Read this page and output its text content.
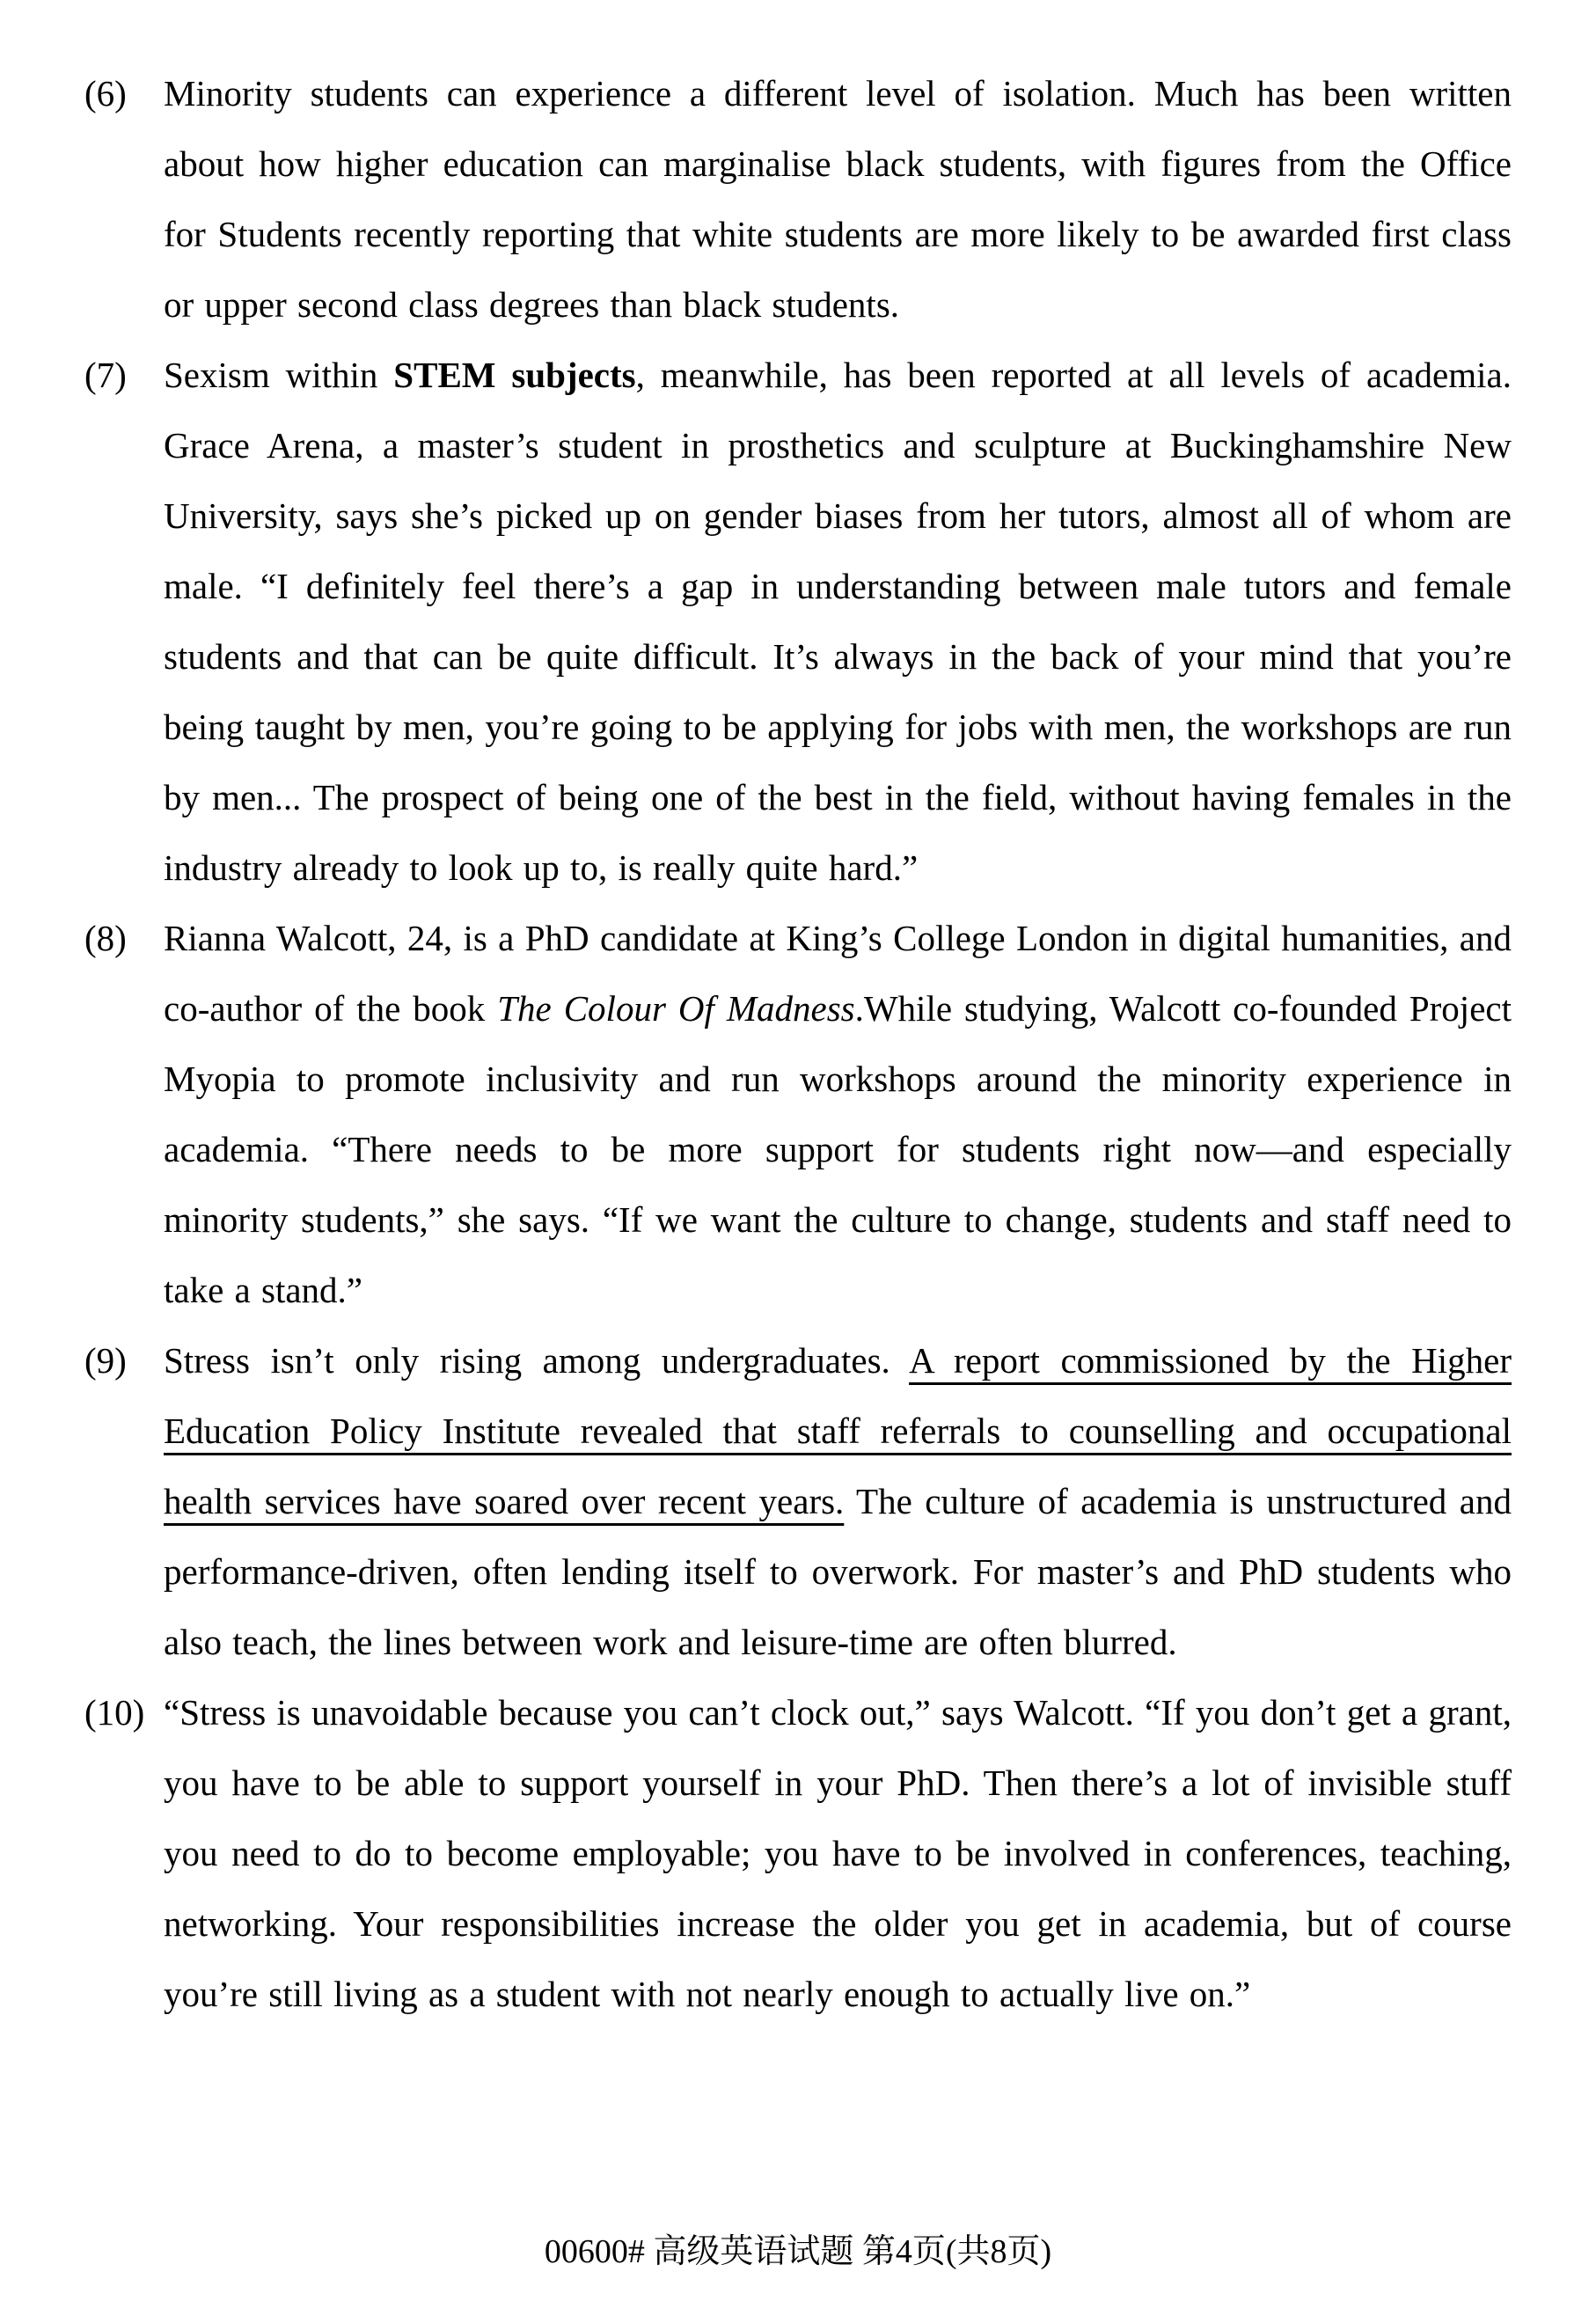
(6)	Minority students can experience a different level of isolation. Much has been written about how higher education can marginalise black students, with figures from the Office for Students recently reporting that white students are more likely to be awarded first class or upper second class degrees than black students.
(7)	Sexism within STEM subjects, meanwhile, has been reported at all levels of academia. Grace Arena, a master’s student in prosthetics and sculpture at Buckinghamshire New University, says she’s picked up on gender biases from her tutors, almost all of whom are male. “I definitely feel there’s a gap in understanding between male tutors and female students and that can be quite difficult. It’s always in the back of your mind that you’re being taught by men, you’re going to be applying for jobs with men, the workshops are run by men... The prospect of being one of the best in the field, without having females in the industry already to look up to, is really quite hard.”
(8)	Rianna Walcott, 24, is a PhD candidate at King’s College London in digital humanities, and co-author of the book The Colour Of Madness.While studying, Walcott co-founded Project Myopia to promote inclusivity and run workshops around the minority experience in academia. “There needs to be more support for students right now—and especially minority students,” she says. “If we want the culture to change, students and staff need to take a stand.”
(9)	Stress isn’t only rising among undergraduates. A report commissioned by the Higher Education Policy Institute revealed that staff referrals to counselling and occupational health services have soared over recent years. The culture of academia is unstructured and performance-driven, often lending itself to overwork. For master’s and PhD students who also teach, the lines between work and leisure-time are often blurred.
(10) “Stress is unavoidable because you can’t clock out,” says Walcott. “If you don’t get a grant, you have to be able to support yourself in your PhD. Then there’s a lot of invisible stuff you need to do to become employable; you have to be involved in conferences, teaching, networking. Your responsibilities increase the older you get in academia, but of course you’re still living as a student with not nearly enough to actually live on.”
00600# 高级英语试题 第4页(共8页)
